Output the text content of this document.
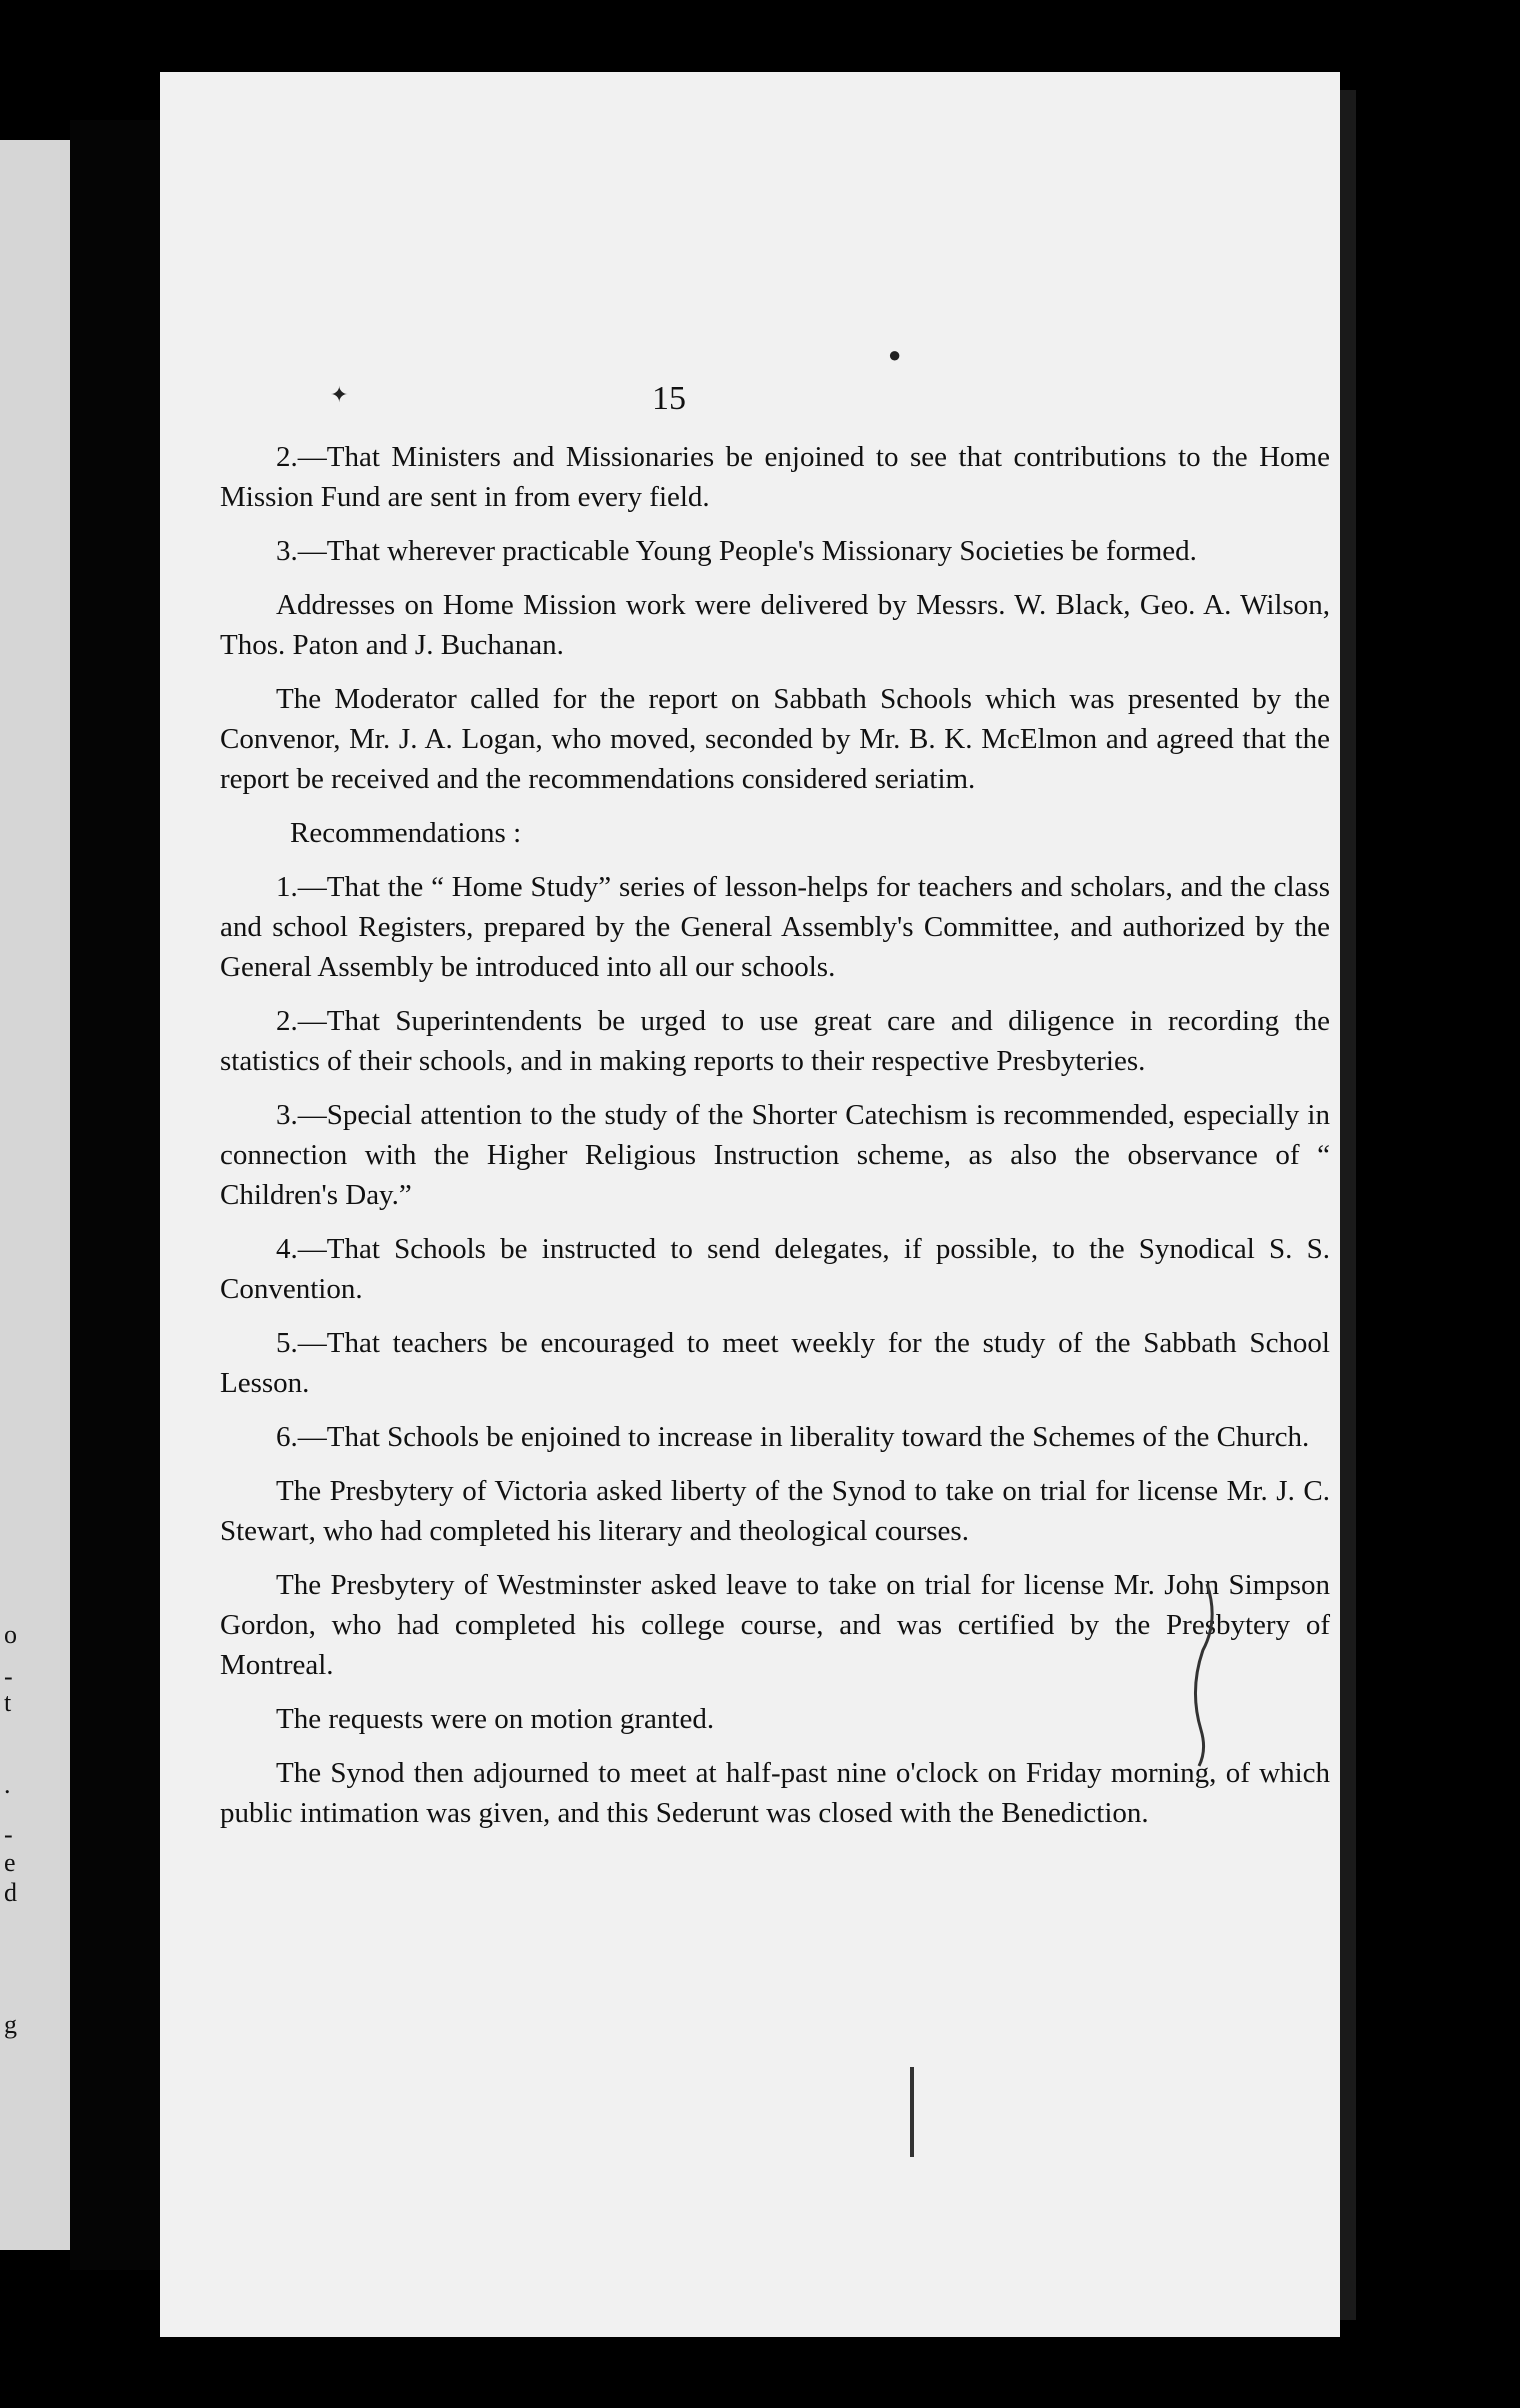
o
-
t
.
-
e
d
g
✦
●
15

2.—That Ministers and Missionaries be enjoined to see that contributions to the Home Mission Fund are sent in from every field.

3.—That wherever practicable Young People's Missionary Societies be formed.

Addresses on Home Mission work were delivered by Messrs. W. Black, Geo. A. Wilson, Thos. Paton and J. Buchanan.

The Moderator called for the report on Sabbath Schools which was presented by the Convenor, Mr. J. A. Logan, who moved, seconded by Mr. B. K. McElmon and agreed that the report be received and the recommendations considered seriatim.

Recommendations :

1.—That the “ Home Study” series of lesson-helps for teachers and scholars, and the class and school Registers, prepared by the General Assembly's Committee, and authorized by the General Assembly be introduced into all our schools.

2.—That Superintendents be urged to use great care and diligence in recording the statistics of their schools, and in making reports to their respective Presbyteries.

3.—Special attention to the study of the Shorter Catechism is recommended, especially in connection with the Higher Religious Instruction scheme, as also the observance of “ Children's Day.”

4.—That Schools be instructed to send delegates, if possible, to the Synodical S. S. Convention.

5.—That teachers be encouraged to meet weekly for the study of the Sabbath School Lesson.

6.—That Schools be enjoined to increase in liberality toward the Schemes of the Church.

The Presbytery of Victoria asked liberty of the Synod to take on trial for license Mr. J. C. Stewart, who had completed his literary and theological courses.

The Presbytery of Westminster asked leave to take on trial for license Mr. John Simpson Gordon, who had completed his college course, and was certified by the Presbytery of Montreal.

The requests were on motion granted.

The Synod then adjourned to meet at half-past nine o'clock on Friday morning, of which public intimation was given, and this Sederunt was closed with the Benediction.
